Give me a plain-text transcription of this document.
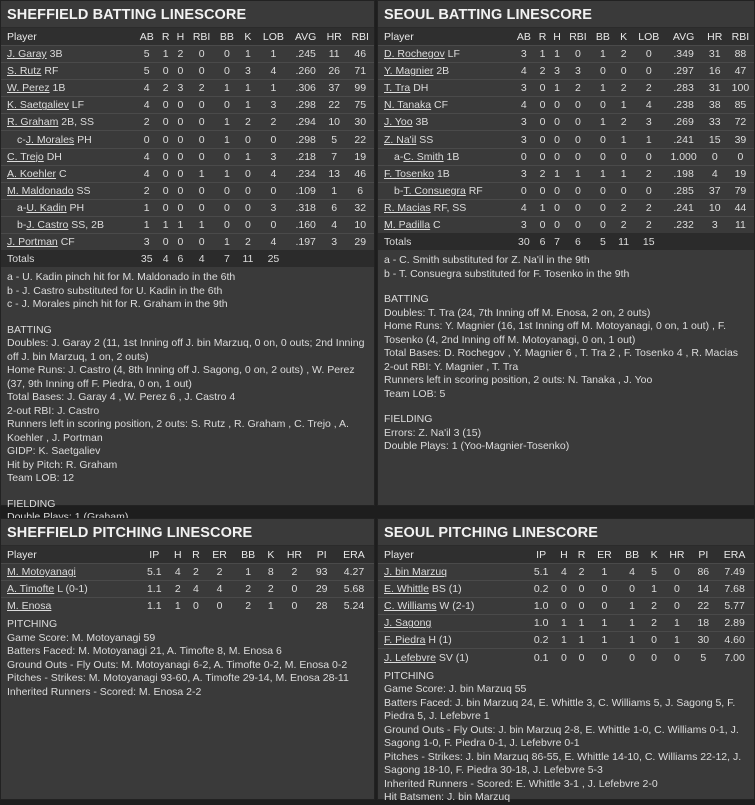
SHEFFIELD BATTING LINESCORE
Player	AB	R	H	RBI	BB	K	LOB	AVG	HR	RBI
J. Garay 3B	5	1	2	0	0	1	1	.245	11	46
S. Rutz RF	5	0	0	0	0	3	4	.260	26	71
W. Perez 1B	4	2	3	2	1	1	1	.306	37	99
K. Saetgaliev LF	4	0	0	0	0	1	3	.298	22	75
R. Graham 2B, SS	2	0	0	0	1	2	2	.294	10	30
c-J. Morales PH	0	0	0	0	1	0	0	.298	5	22
C. Trejo DH	4	0	0	0	0	1	3	.218	7	19
A. Koehler C	4	0	0	1	1	0	4	.234	13	46
M. Maldonado SS	2	0	0	0	0	0	0	.109	1	6
a-U. Kadin PH	1	0	0	0	0	0	3	.318	6	32
b-J. Castro SS, 2B	1	1	1	1	0	0	0	.160	4	10
J. Portman CF	3	0	0	0	1	2	4	.197	3	29
Totals	35	4	6	4	7	11	25			
a - U. Kadin pinch hit for M. Maldonado in the 6th
b - J. Castro substituted for U. Kadin in the 6th
c - J. Morales pinch hit for R. Graham in the 9th
BATTING
Doubles: J. Garay 2 (11, 1st Inning off J. bin Marzuq, 0 on, 0 outs; 2nd Inning off J. bin Marzuq, 1 on, 2 outs)
Home Runs: J. Castro (4, 8th Inning off J. Sagong, 0 on, 2 outs) , W. Perez (37, 9th Inning off F. Piedra, 0 on, 1 out)
Total Bases: J. Garay 4 , W. Perez 6 , J. Castro 4
2-out RBI: J. Castro
Runners left in scoring position, 2 outs: S. Rutz , R. Graham , C. Trejo , A. Koehler , J. Portman
GIDP: K. Saetgaliev
Hit by Pitch: R. Graham
Team LOB: 12
FIELDING
SEOUL BATTING LINESCORE
Player	AB	R	H	RBI	BB	K	LOB	AVG	HR	RBI
D. Rochegov LF	3	1	1	0	1	2	0	.349	31	88
Y. Magnier 2B	4	2	3	3	0	0	0	.297	16	47
T. Tra DH	3	0	1	2	1	2	2	.283	31	100
N. Tanaka CF	4	0	0	0	0	1	4	.238	38	85
J. Yoo 3B	3	0	0	0	1	2	3	.269	33	72
Z. Na'il SS	3	0	0	0	0	1	1	.241	15	39
a-C. Smith 1B	0	0	0	0	0	0	0	1.000	0	0
F. Tosenko 1B	3	2	1	1	1	1	2	.198	4	19
b-T. Consuegra RF	0	0	0	0	0	0	0	.285	37	79
R. Macias RF, SS	4	1	0	0	0	2	2	.241	10	44
M. Padilla C	3	0	0	0	0	2	2	.232	3	11
Totals	30	6	7	6	5	11	15			
a - C. Smith substituted for Z. Na'il in the 9th
b - T. Consuegra substituted for F. Tosenko in the 9th
BATTING
Doubles: T. Tra (24, 7th Inning off M. Enosa, 2 on, 2 outs)
Home Runs: Y. Magnier (16, 1st Inning off M. Motoyanagi, 0 on, 1 out) , F. Tosenko (4, 2nd Inning off M. Motoyanagi, 0 on, 1 out)
Total Bases: D. Rochegov , Y. Magnier 6 , T. Tra 2 , F. Tosenko 4 , R. Macias
2-out RBI: Y. Magnier , T. Tra
Runners left in scoring position, 2 outs: N. Tanaka , J. Yoo
Team LOB: 5
FIELDING
Errors: Z. Na'il 3 (15)
Double Plays: 1 (Yoo-Magnier-Tosenko)
SHEFFIELD PITCHING LINESCORE
Player	IP	H	R	ER	BB	K	HR	PI	ERA
M. Motoyanagi	5.1	4	2	2	1	8	2	93	4.27
A. Timofte L (0-1)	1.1	2	4	4	2	2	0	29	5.68
M. Enosa	1.1	1	0	0	2	1	0	28	5.24
PITCHING
Game Score: M. Motoyanagi 59
Batters Faced: M. Motoyanagi 21, A. Timofte 8, M. Enosa 6
Ground Outs - Fly Outs: M. Motoyanagi 6-2, A. Timofte 0-2, M. Enosa 0-2
Pitches - Strikes: M. Motoyanagi 93-60, A. Timofte 29-14, M. Enosa 28-11
Inherited Runners - Scored: M. Enosa 2-2
SEOUL PITCHING LINESCORE
Player	IP	H	R	ER	BB	K	HR	PI	ERA
J. bin Marzuq	5.1	4	2	1	4	5	0	86	7.49
E. Whittle BS (1)	0.2	0	0	0	0	1	0	14	7.68
C. Williams W (2-1)	1.0	0	0	0	1	2	0	22	5.77
J. Sagong	1.0	1	1	1	1	2	1	18	2.89
F. Piedra H (1)	0.2	1	1	1	1	0	1	30	4.60
J. Lefebvre SV (1)	0.1	0	0	0	0	0	0	5	7.00
PITCHING
Game Score: J. bin Marzuq 55
Batters Faced: J. bin Marzuq 24, E. Whittle 3, C. Williams 5, J. Sagong 5, F. Piedra 5, J. Lefebvre 1
Ground Outs - Fly Outs: J. bin Marzuq 2-8, E. Whittle 1-0, C. Williams 0-1, J. Sagong 1-0, F. Piedra 0-1, J. Lefebvre 0-1
Pitches - Strikes: J. bin Marzuq 86-55, E. Whittle 14-10, C. Williams 22-12, J. Sagong 18-10, F. Piedra 30-18, J. Lefebvre 5-3
Inherited Runners - Scored: E. Whittle 3-1 , J. Lefebvre 2-0
Hit Batsmen: J. bin Marzuq
